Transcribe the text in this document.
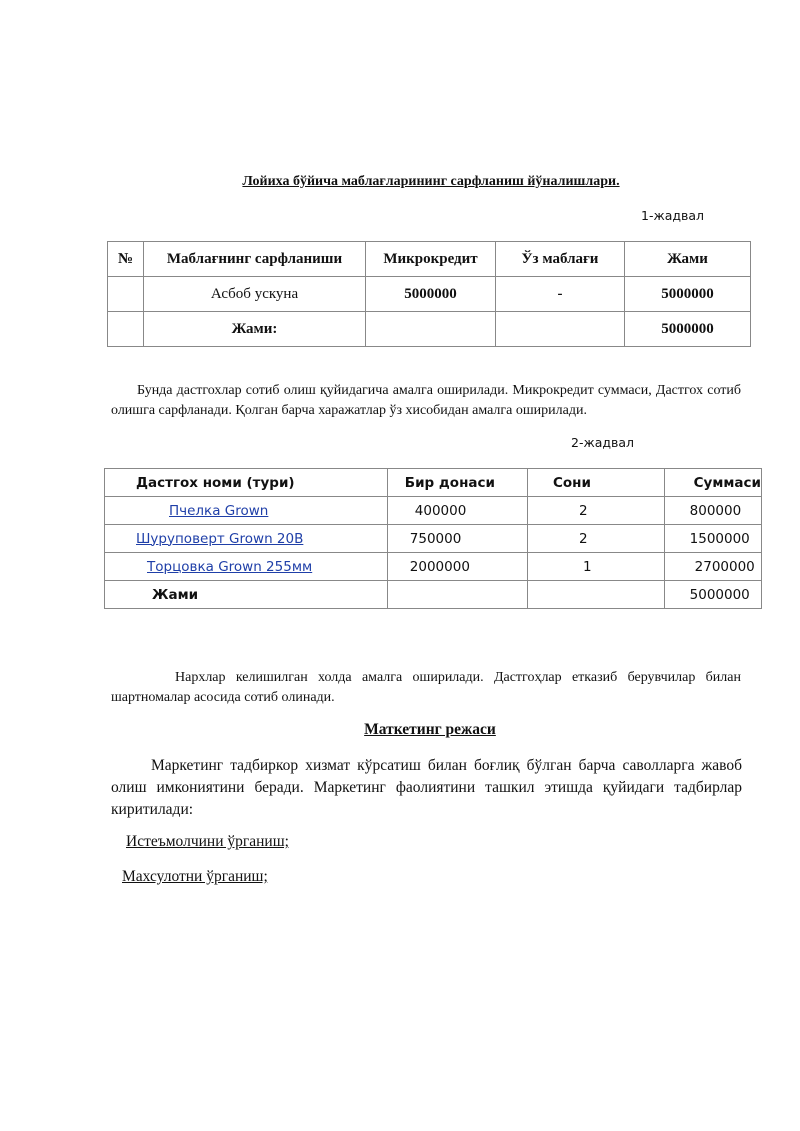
Лойиха бўйича маблағларининг сарфланиш йўналишлари.
1-жадвал
№	Маблағнинг сарфланиши	Микрокредит	Ўз маблағи	Жами
	Асбоб ускуна	5000000	-	5000000
	Жами:			5000000
Бунда дастгохлар сотиб олиш қуйидагича амалга оширилади. Микрокредит суммаси, Дастгох сотиб олишга сарфланади. Қолган барча харажатлар ўз хисобидан амалга оширилади.
2-жадвал
Дастгох номи (тури)	Бир донаси	Сони	Суммаси
Пчелка Grown	400000	2	800000
Шуруповерт Grown 20В	750000	2	1500000
Торцовка Grown 255мм	2000000	1	2700000
Жами			5000000
Нархлар келишилган холда амалга оширилади. Дастгоҳлар етказиб берувчилар билан шартномалар асосида сотиб олинади.
Маткетинг режаси
Маркетинг тадбиркор хизмат кўрсатиш билан боғлиқ бўлган барча саволларга жавоб олиш имкониятини беради. Маркетинг фаолиятини ташкил этишда қуйидаги тадбирлар киритилади:
Истеъмолчини ўрганиш;
Махсулотни ўрганиш;
